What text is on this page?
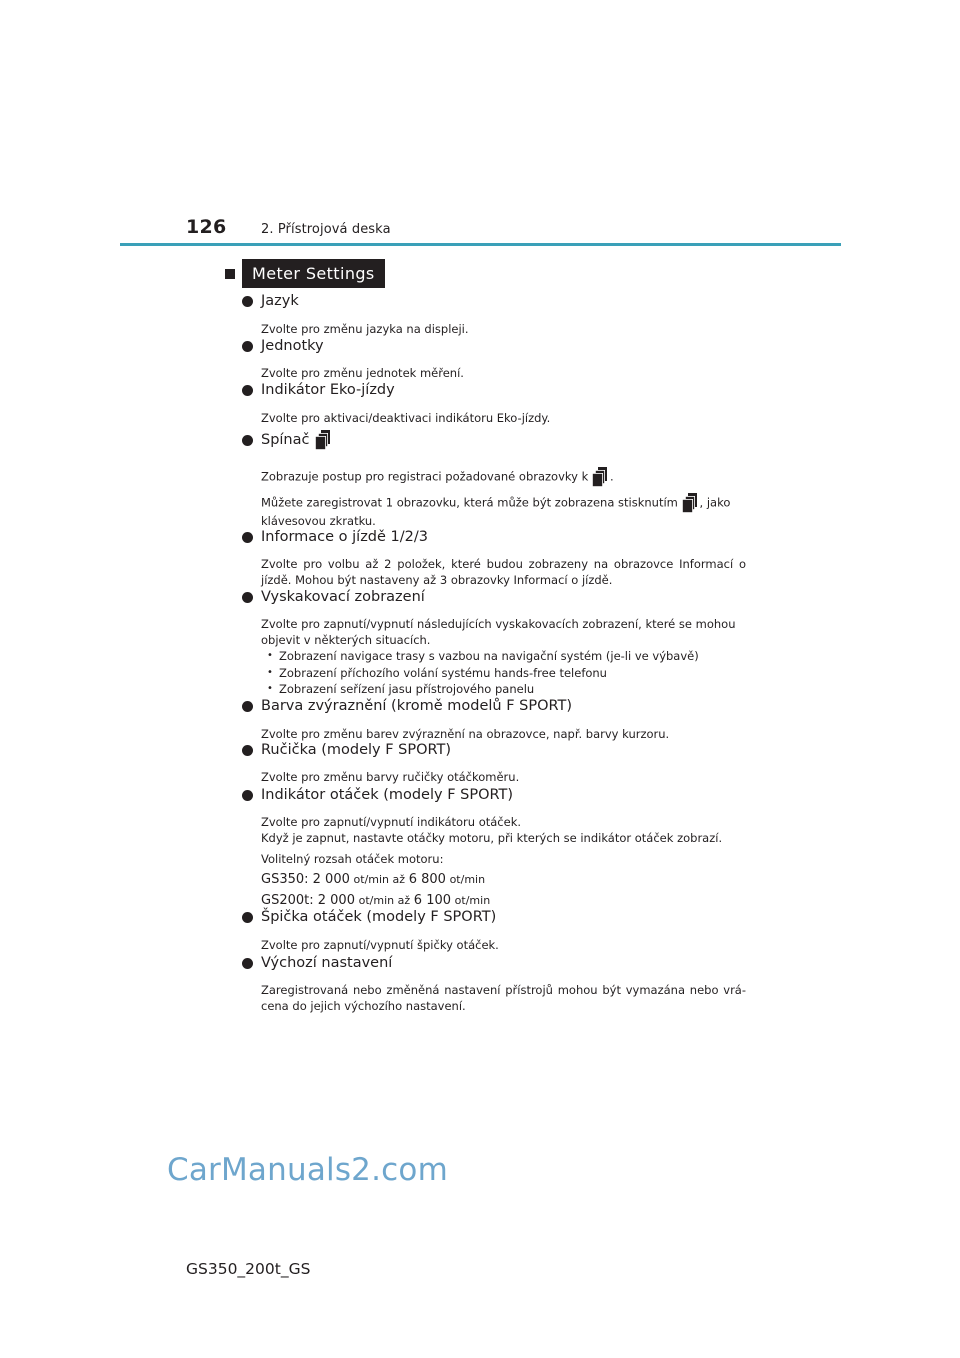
126	2. Přístrojová deska
Meter Settings
Jazyk
Zvolte pro změnu jazyka na displeji.
Jednotky
Zvolte pro změnu jednotek měření.
Indikátor Eko-jízdy
Zvolte pro aktivaci/deaktivaci indikátoru Eko-jízdy.
Spínač
Zobrazuje postup pro registraci požadované obrazovky k .
Můžete zaregistrovat 1 obrazovku, která může být zobrazena stisknutím , jako klávesovou zkratku.
Informace o jízdě 1/2/3
Zvolte pro volbu až 2 položek, které budou zobrazeny na obrazovce Informací o jízdě. Mohou být nastaveny až 3 obrazovky Informací o jízdě.
Vyskakovací zobrazení
Zvolte pro zapnutí/vypnutí následujících vyskakovacích zobrazení, které se mohou objevit v některých situacích.
• Zobrazení navigace trasy s vazbou na navigační systém (je-li ve výbavě)
• Zobrazení příchozího volání systému hands-free telefonu
• Zobrazení seřízení jasu přístrojového panelu
Barva zvýraznění (kromě modelů F SPORT)
Zvolte pro změnu barev zvýraznění na obrazovce, např. barvy kurzoru.
Ručička (modely F SPORT)
Zvolte pro změnu barvy ručičky otáčkoměru.
Indikátor otáček (modely F SPORT)
Zvolte pro zapnutí/vypnutí indikátoru otáček.
Když je zapnut, nastavte otáčky motoru, při kterých se indikátor otáček zobrazí.
Volitelný rozsah otáček motoru:
GS350: 2 000 ot/min až 6 800 ot/min
GS200t: 2 000 ot/min až 6 100 ot/min
Špička otáček (modely F SPORT)
Zvolte pro zapnutí/vypnutí špičky otáček.
Výchozí nastavení
Zaregistrovaná nebo změněná nastavení přístrojů mohou být vymazána nebo vrá-cena do jejich výchozího nastavení.
CarManuals2.com
GS350_200t_GS
